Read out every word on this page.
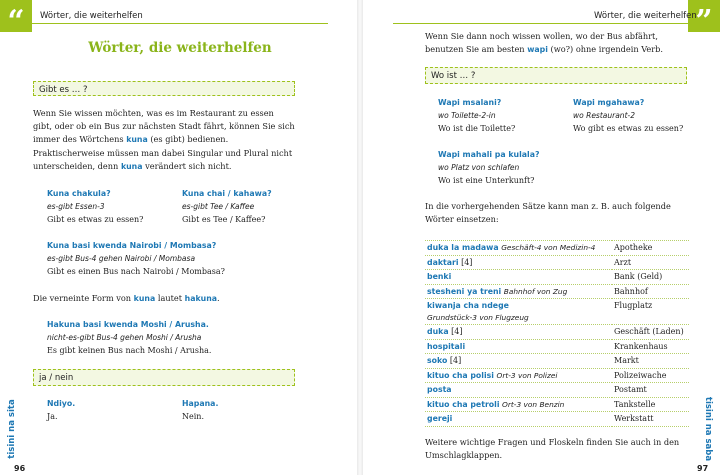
“	Wörter, die weiterhelfen
Wörter, die weiterhelfen
Gibt es … ?
Wenn Sie wissen möchten, was es im Restaurant zu essen gibt, oder ob ein Bus zur nächsten Stadt fährt, können Sie sich immer des Wörtchens kuna (es gibt) bedienen. Praktischerweise müssen man dabei Singular und Plural nicht unterscheiden, denn kuna verändert sich nicht.
Kuna chakula?
es-gibt Essen-3
Gibt es etwas zu essen?
Kuna chai / kahawa?
es-gibt Tee / Kaffee
Gibt es Tee / Kaffee?
Kuna basi kwenda Nairobi / Mombasa?
es-gibt Bus-4 gehen Nairobi / Mombasa
Gibt es einen Bus nach Nairobi / Mombasa?
Die verneinte Form von kuna lautet hakuna.
Hakuna basi kwenda Moshi / Arusha.
nicht-es-gibt Bus-4 gehen Moshi / Arusha
Es gibt keinen Bus nach Moshi / Arusha.
ja / nein
Ndiyo.
Ja.
Hapana.
Nein.
tisini na sita
96
”
Wörter, die weiterhelfen
Wenn Sie dann noch wissen wollen, wo der Bus abfährt, benutzen Sie am besten wapi (wo?) ohne irgendein Verb.
Wo ist … ?
Wapi msalani?
wo Toilette-2-in
Wo ist die Toilette?
Wapi mgahawa?
wo Restaurant-2
Wo gibt es etwas zu essen?
Wapi mahali pa kulala?
wo Platz von schlafen
Wo ist eine Unterkunft?
In die vorhergehenden Sätze kann man z. B. auch folgende Wörter einsetzen:
duka la madawa Geschäft-4 von Medizin-4	Apotheke
daktari [4]	Arzt
benki	Bank (Geld)
stesheni ya treni Bahnhof von Zug	Bahnhof
kiwanja cha ndege
Grundstück-3 von Flugzeug	Flugplatz
duka [4]	Geschäft (Laden)
hospitali	Krankenhaus
soko [4]	Markt
kituo cha polisi Ort-3 von Polizei	Polizeiwache
posta	Postamt
kituo cha petroli Ort-3 von Benzin	Tankstelle
gereji	Werkstatt
Weitere wichtige Fragen und Floskeln finden Sie auch in den Umschlagklappen.	tisini na saba
97
